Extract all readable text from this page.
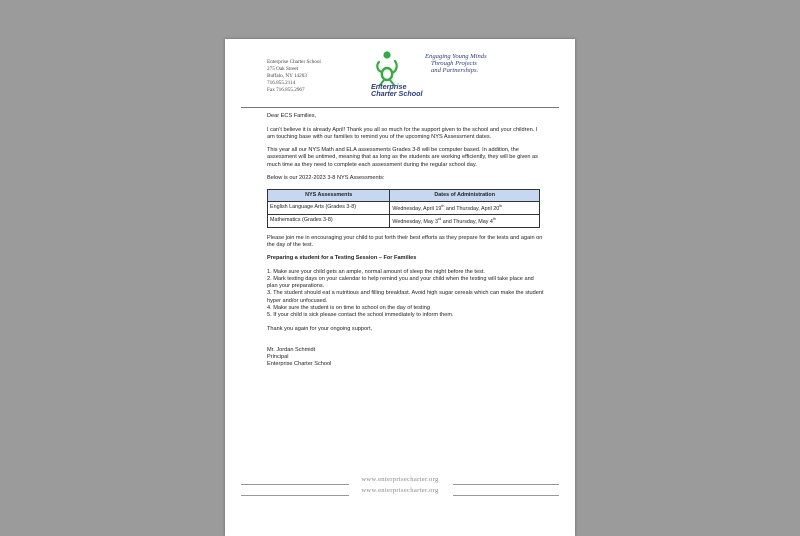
Enterprise Charter School
275 Oak Street
Buffalo, NY 14203
716.855.2114
Fax 716.855.2967	Enterprise
Charter School
Engaging Young Minds
Through Projects
and Partnerships.

Dear ECS Families,

I can’t believe it is already April! Thank you all so much for the support given to the school and your children. I am touching base with our families to remind you of the upcoming NYS Assessment dates.

This year all our NYS Math and ELA assessments Grades 3-8 will be computer based. In addition, the assessment will be untimed, meaning that as long as the students are working efficiently, they will be given as much time as they need to complete each assessment during the regular school day.

Below is our 2022-2023 3-8 NYS Assessments:

NYS Assessments	Dates of Administration
English Language Arts (Grades 3-8)	Wednesday, April 19th and Thursday, April 20th
Mathematics (Grades 3-8)	Wednesday, May 3rd and Thursday, May 4th

Please join me in encouraging your child to put forth their best efforts as they prepare for the tests and again on the day of the test.

Preparing a student for a Testing Session – For Families

1. Make sure your child gets an ample, normal amount of sleep the night before the test.
2. Mark testing days on your calendar to help remind you and your child when the testing will take place and plan your preparations.
3. The student should eat a nutritious and filling breakfast. Avoid high sugar cereals which can make the student hyper and/or unfocused.
4. Make sure the student is on time to school on the day of testing
5. If your child is sick please contact the school immediately to inform them.

Thank you again for your ongoing support,

Mr. Jordan Schmidt
Principal
Enterprise Charter School
www.enterprisecharter.org
www.enterprisecharter.org
